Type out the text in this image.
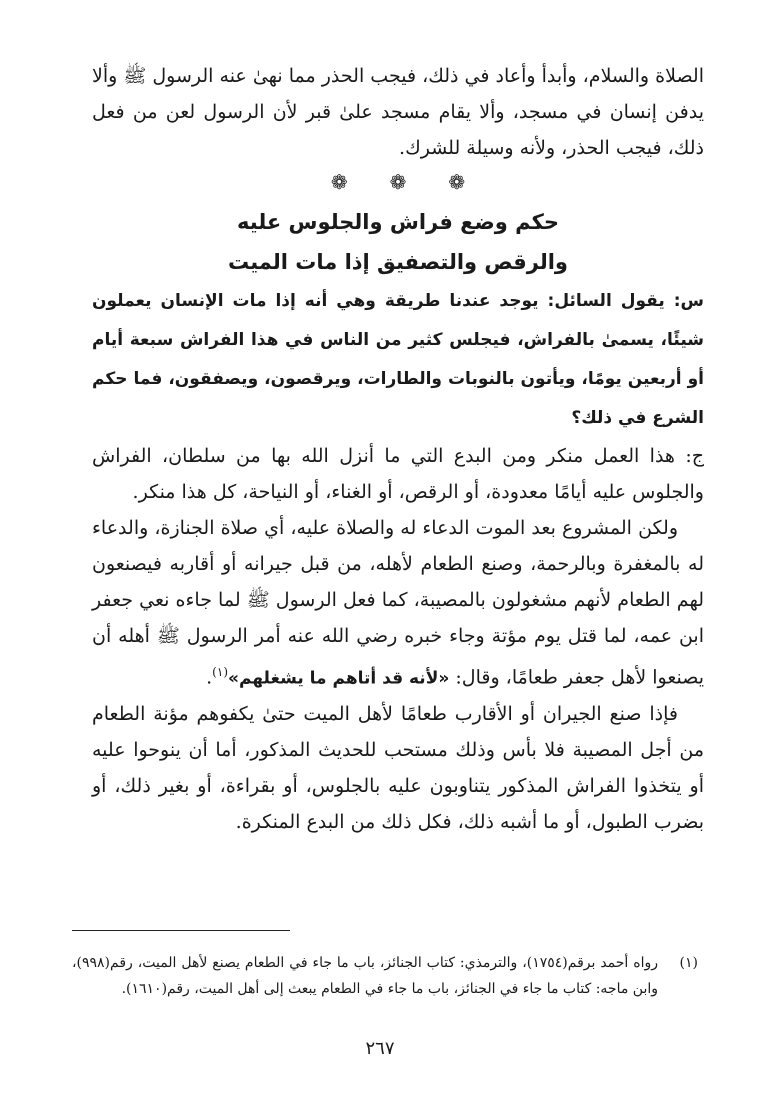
الصلاة والسلام، وأبدأ وأعاد في ذلك، فيجب الحذر مما نهىٰ عنه الرسول ﷺ وألا يدفن إنسان في مسجد، وألا يقام مسجد علىٰ قبر لأن الرسول لعن من فعل ذلك، فيجب الحذر، ولأنه وسيلة للشرك.

❁ ❁ ❁
حكم وضع فراش والجلوس عليه
والرقص والتصفيق إذا مات الميت

س: يقول السائل: يوجد عندنا طريقة وهي أنه إذا مات الإنسان يعملون شيئًا، يسمىٰ بالفراش، فيجلس كثير من الناس في هذا الفراش سبعة أيام أو أربعين يومًا، ويأتون بالنوبات والطارات، ويرقصون، ويصفقون، فما حكم الشرع في ذلك؟

ج: هذا العمل منكر ومن البدع التي ما أنزل الله بها من سلطان، الفراش والجلوس عليه أيامًا معدودة، أو الرقص، أو الغناء، أو النياحة، كل هذا منكر.

ولكن المشروع بعد الموت الدعاء له والصلاة عليه، أي صلاة الجنازة، والدعاء له بالمغفرة وبالرحمة، وصنع الطعام لأهله، من قبل جيرانه أو أقاربه فيصنعون لهم الطعام لأنهم مشغولون بالمصيبة، كما فعل الرسول ﷺ لما جاءه نعي جعفر ابن عمه، لما قتل يوم مؤتة وجاء خبره رضي الله عنه أمر الرسول ﷺ أهله أن يصنعوا لأهل جعفر طعامًا، وقال: «لأنه قد أتاهم ما يشغلهم»$^{(١)}$.

فإذا صنع الجيران أو الأقارب طعامًا لأهل الميت حتىٰ يكفوهم مؤنة الطعام من أجل المصيبة فلا بأس وذلك مستحب للحديث المذكور، أما أن ينوحوا عليه أو يتخذوا الفراش المذكور يتناوبون عليه بالجلوس، أو بقراءة، أو بغير ذلك، أو بضرب الطبول، أو ما أشبه ذلك، فكل ذلك من البدع المنكرة.

(١)
رواه أحمد برقم(١٧٥٤)، والترمذي: كتاب الجنائز، باب ما جاء في الطعام يصنع لأهل الميت، رقم(٩٩٨)، وابن ماجه: كتاب ما جاء في الجنائز، باب ما جاء في الطعام يبعث إلى أهل الميت، رقم(١٦١٠).
٢٦٧
